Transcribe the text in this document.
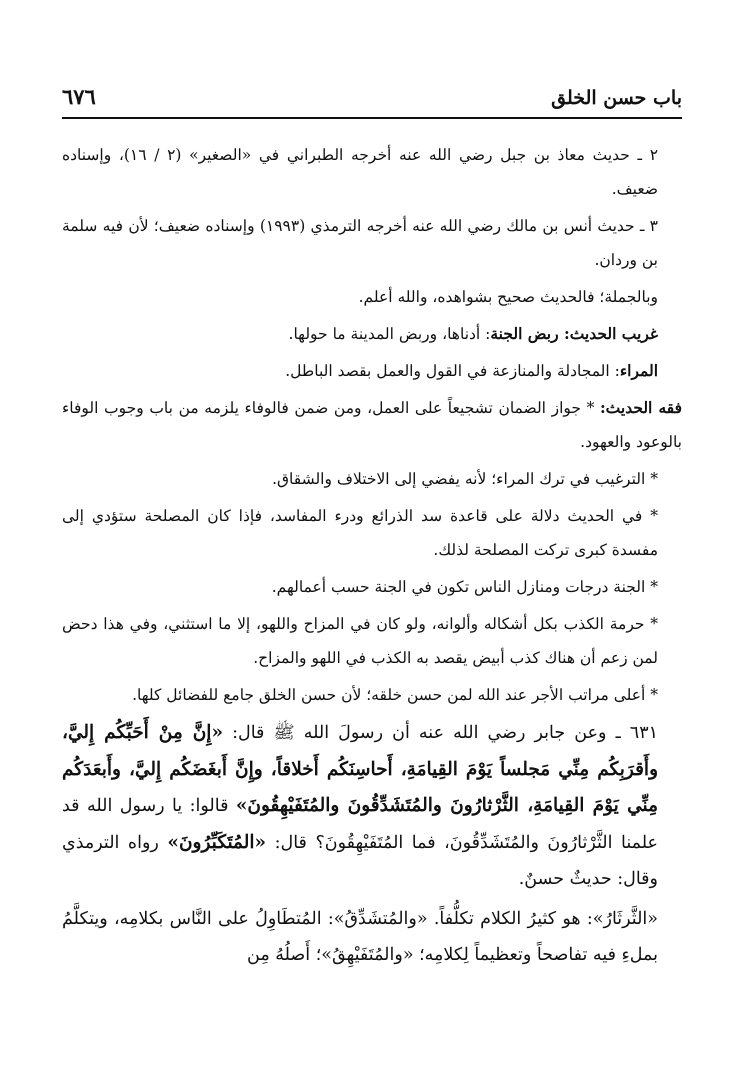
باب حسن الخلق
٦٧٦

٢ ـ حديث معاذ بن جبل رضي الله عنه أخرجه الطبراني في «الصغير» (٢ / ١٦)، وإسناده ضعيف.

٣ ـ حديث أنس بن مالك رضي الله عنه أخرجه الترمذي (١٩٩٣) وإسناده ضعيف؛ لأن فيه سلمة بن وردان.

وبالجملة؛ فالحديث صحيح بشواهده، والله أعلم.

غريب الحديث: ربض الجنة: أدناها، وربض المدينة ما حولها.

المراء: المجادلة والمنازعة في القول والعمل بقصد الباطل.

فقه الحديث: * جواز الضمان تشجيعاً على العمل، ومن ضمن فالوفاء يلزمه من باب وجوب الوفاء بالوعود والعهود.

* الترغيب في ترك المراء؛ لأنه يفضي إلى الاختلاف والشقاق.

* في الحديث دلالة على قاعدة سد الذرائع ودرء المفاسد، فإذا كان المصلحة ستؤدي إلى مفسدة كبرى تركت المصلحة لذلك.

* الجنة درجات ومنازل الناس تكون في الجنة حسب أعمالهم.

* حرمة الكذب بكل أشكاله وألوانه، ولو كان في المزاح واللهو، إلا ما استثني، وفي هذا دحض لمن زعم أن هناك كذب أبيض يقصد به الكذب في اللهو والمزاح.

* أعلى مراتب الأجر عند الله لمن حسن خلقه؛ لأن حسن الخلق جامع للفضائل كلها.

٦٣١ ـ وعن جابر رضي الله عنه أن رسولَ الله ﷺ قال: «إِنَّ مِنْ أَحَبِّكُم إِليَّ، وأَقرَبِكُم مِنِّي مَجلساً يَوْمَ القِيامَةِ، أَحاسِنَكُم أَخلاقاً، وإِنَّ أَبغَضَكُم إِليَّ، وأَبعَدَكُم مِنِّي يَوْمَ القِيامَةِ، الثَّرْثارُونَ والمُتَشَدِّقُونَ والمُتَفَيْهِقُونَ» قالوا: يا رسول الله قد علمنا الثَّرْثارُونَ والمُتَشَدِّقُونَ، فما المُتَفَيْهِقُونَ؟ قال: «المُتَكَبِّرُونَ» رواه الترمذي وقال: حديثٌ حسنٌ.

«الثَّرثَارُ»: هو كثيرُ الكلام تكلُّفاً. «والمُتشَدِّقُ»: المُتطَاوِلُ على النَّاس بكلامِه، ويتكلَّمُ بملءِ فيه تفاصحاً وتعظيماً لِكلامِه؛ «والمُتَفَيْهِقُ»؛ أَصلُهُ مِن
